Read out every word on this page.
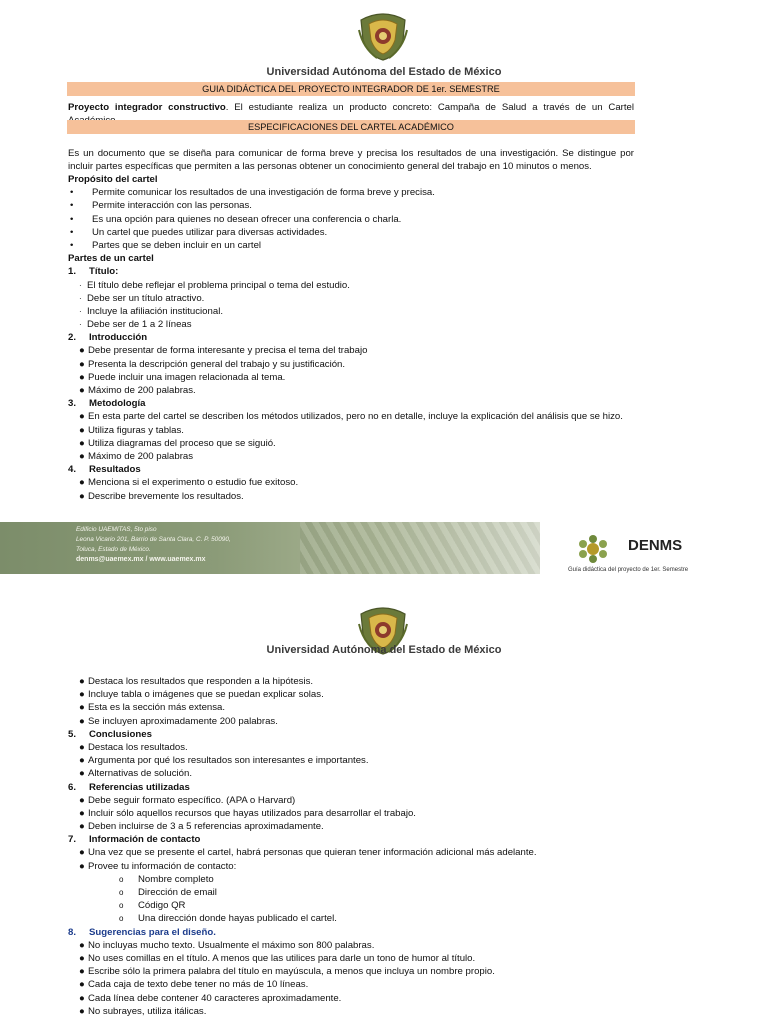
Universidad Autónoma del Estado de México
GUIA DIDÁCTICA DEL PROYECTO INTEGRADOR DE 1er. SEMESTRE
Proyecto integrador constructivo. El estudiante realiza un producto concreto: Campaña de Salud a través de un Cartel
ESPECIFICACIONES DEL CARTEL ACADÉMICO
Es un documento que se diseña para comunicar de forma breve y precisa los resultados de una investigación. Se distingue por incluir partes específicas que permiten a las personas obtener un conocimiento general del trabajo en 10 minutos o menos.
Propósito del cartel
• Permite comunicar los resultados de una investigación de forma breve y precisa.
• Permite interacción con las personas.
• Es una opción para quienes no desean ofrecer una conferencia o charla.
• Un cartel que puedes utilizar para diversas actividades.
• Partes que se deben incluir en un cartel
Partes de un cartel
1. Título:
· El título debe reflejar el problema principal o tema del estudio.
· Debe ser un título atractivo.
· Incluye la afiliación institucional.
· Debe ser de 1 a 2 líneas
2. Introducción
● Debe presentar de forma interesante y precisa el tema del trabajo
● Presenta la descripción general del trabajo y su justificación.
● Puede incluir una imagen relacionada al tema.
● Máximo de 200 palabras.
3. Metodología
● En esta parte del cartel se describen los métodos utilizados, pero no en detalle, incluye la explicación del análisis que se hizo.
● Utiliza figuras y tablas.
● Utiliza diagramas del proceso que se siguió.
● Máximo de 200 palabras
4. Resultados
● Menciona si el experimento o estudio fue exitoso.
● Describe brevemente los resultados.
Edificio UAEMITAS, 5to piso
Leona Vicario 201, Barrio de Santa Clara, C. P. 50090,
Toluca, Estado de México.
denms@uaemex.mx / www.uaemex.mx
DENMS
Guía didáctica del proyecto de 1er. Semestre
Universidad Autónoma del Estado de México
● Destaca los resultados que responden a la hipótesis.
● Incluye tabla o imágenes que se puedan explicar solas.
● Esta es la sección más extensa.
● Se incluyen aproximadamente 200 palabras.
5. Conclusiones
● Destaca los resultados.
● Argumenta por qué los resultados son interesantes e importantes.
● Alternativas de solución.
6. Referencias utilizadas
● Debe seguir formato específico. (APA o Harvard)
● Incluir sólo aquellos recursos que hayas utilizados para desarrollar el trabajo.
● Deben incluirse de 3 a 5 referencias aproximadamente.
7. Información de contacto
● Una vez que se presente el cartel, habrá personas que quieran tener información adicional más adelante.
● Provee tu información de contacto:
o Nombre completo
o Dirección de email
o Código QR
o Una dirección donde hayas publicado el cartel.
8. Sugerencias para el diseño.
● No incluyas mucho texto. Usualmente el máximo son 800 palabras.
● No uses comillas en el título. A menos que las utilices para darle un tono de humor al título.
● Escribe sólo la primera palabra del título en mayúscula, a menos que incluya un nombre propio.
● Cada caja de texto debe tener no más de 10 líneas.
● Cada línea debe contener 40 caracteres aproximadamente.
● No subrayes, utiliza itálicas.
